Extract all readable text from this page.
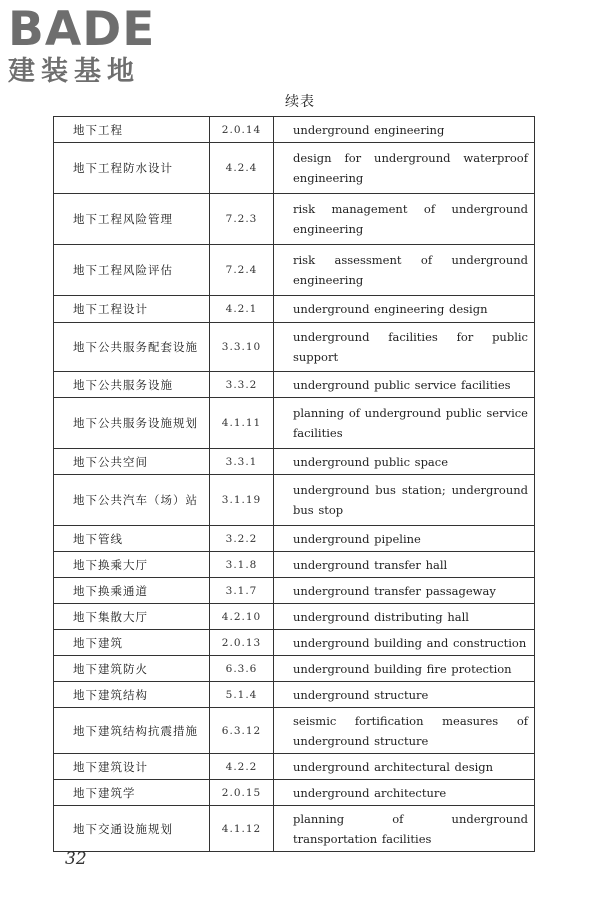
BADE
建装基地
续表
地下工程	2.0.14	underground engineering
地下工程防水设计	4.2.4	design for underground waterproof engineering
地下工程风险管理	7.2.3	risk management of underground engineering
地下工程风险评估	7.2.4	risk assessment of underground engineering
地下工程设计	4.2.1	underground engineering design
地下公共服务配套设施	3.3.10	underground facilities for public support
地下公共服务设施	3.3.2	underground public service facilities
地下公共服务设施规划	4.1.11	planning of underground public service facilities
地下公共空间	3.3.1	underground public space
地下公共汽车（场）站	3.1.19	underground bus station; underground bus stop
地下管线	3.2.2	underground pipeline
地下换乘大厅	3.1.8	underground transfer hall
地下换乘通道	3.1.7	underground transfer passageway
地下集散大厅	4.2.10	underground distributing hall
地下建筑	2.0.13	underground building and construction
地下建筑防火	6.3.6	underground building fire protection
地下建筑结构	5.1.4	underground structure
地下建筑结构抗震措施	6.3.12	seismic fortification measures of underground structure
地下建筑设计	4.2.2	underground architectural design
地下建筑学	2.0.15	underground architecture
地下交通设施规划	4.1.12	planning of underground transportation facilities
32
